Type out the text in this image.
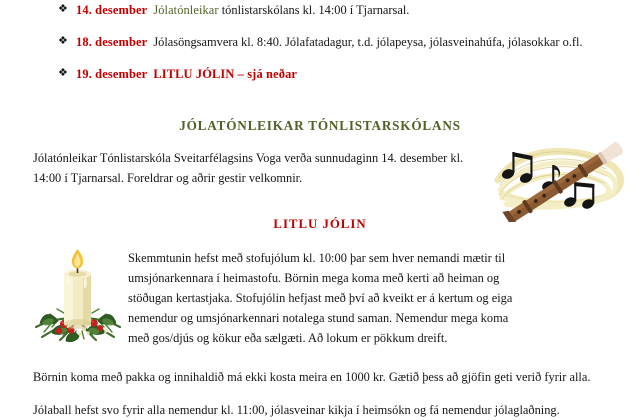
❖ 14. desember Jólatónleikar tónlistarskólans kl. 14:00 í Tjarnarsal.
❖ 18. desember Jólasöngsamvera kl. 8:40. Jólafatadagur, t.d. jólapeysa, jólasveinahúfa, jólasokkar o.fl.
❖ 19. desember LITLU JÓLIN – sjá neðar
JÓLATÓNLEIKAR TÓNLISTARSKÓLANS
Jólatónleikar Tónlistarskóla Sveitarfélagsins Voga verða sunnudaginn 14. desember kl. 14:00 í Tjarnarsal. Foreldrar og aðrir gestir velkomnir.
LITLU JÓLIN
Skemmtunin hefst með stofujólum kl. 10:00 þar sem hver nemandi mætir til umsjónarkennara í heimastofu. Börnin mega koma með kerti að heiman og stöðugan kertastjaka. Stofujólin hefjast með því að kveikt er á kertum og eiga nemendur og umsjónarkennari notalega stund saman. Nemendur mega koma með gos/djús og kökur eða sælgæti. Að lokum er pökkum dreift.
Börnin koma með pakka og innihaldið má ekki kosta meira en 1000 kr. Gætið þess að gjöfin geti verið fyrir alla.
Jólaball hefst svo fyrir alla nemendur kl. 11:00, jólasveinar kikja í heimsókn og fá nemendur jólaglaðning.
